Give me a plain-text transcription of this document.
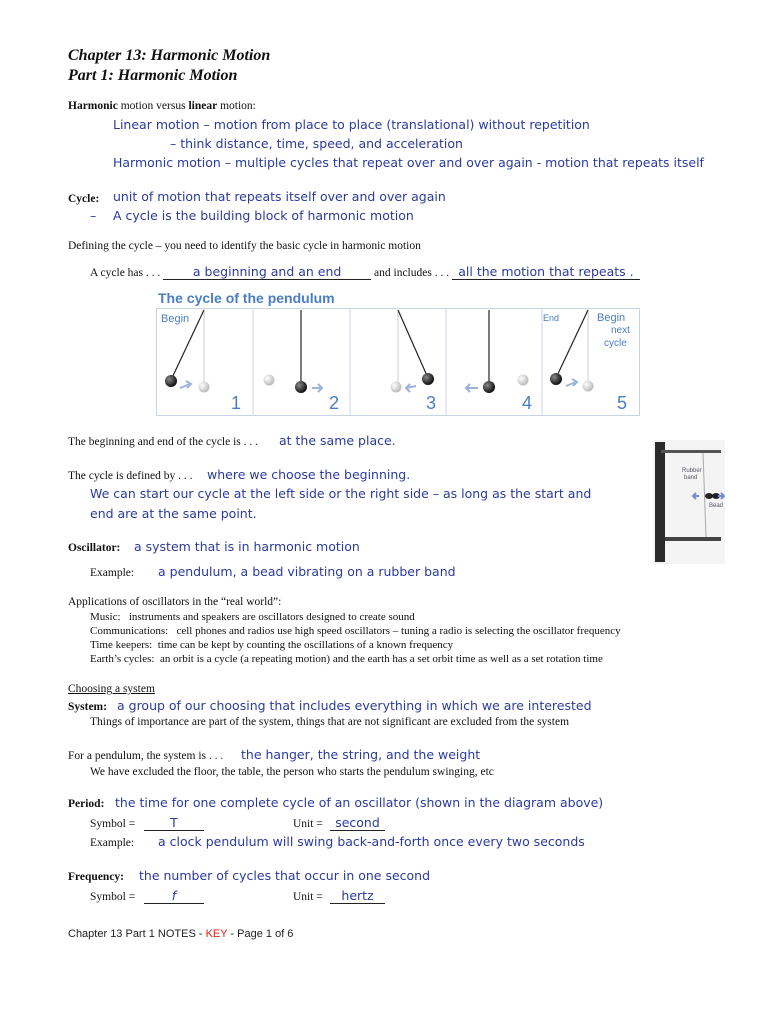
Chapter 13: Harmonic Motion
Part 1: Harmonic Motion
Harmonic motion versus linear motion:
Linear motion – motion from place to place (translational) without repetition
– think distance, time, speed, and acceleration
Harmonic motion – multiple cycles that repeat over and over again - motion that repeats itself
Cycle: unit of motion that repeats itself over and over again
– A cycle is the building block of harmonic motion
Defining the cycle – you need to identify the basic cycle in harmonic motion
A cycle has . . .	a beginning and an end	and includes . . . all the motion that repeats .
The cycle of the pendulum
Begin	End	Begin
next
cycle
1	2	3	4	5
The beginning and end of the cycle is . . . at the same place.
The cycle is defined by . . . where we choose the beginning.
We can start our cycle at the left side or the right side – as long as the start and
end are at the same point.
Rubber
band
Bead
Oscillator: a system that is in harmonic motion
Example: a pendulum, a bead vibrating on a rubber band
Applications of oscillators in the “real world”:
Music: instruments and speakers are oscillators designed to create sound
Communications: cell phones and radios use high speed oscillators – tuning a radio is selecting the oscillator frequency
Time keepers: time can be kept by counting the oscillations of a known frequency
Earth’s cycles: an orbit is a cycle (a repeating motion) and the earth has a set orbit time as well as a set rotation time
Choosing a system
System: a group of our choosing that includes everything in which we are interested
Things of importance are part of the system, things that are not significant are excluded from the system
For a pendulum, the system is . . . the hanger, the string, and the weight
We have excluded the floor, the table, the person who starts the pendulum swinging, etc
Period: the time for one complete cycle of an oscillator (shown in the diagram above)
Symbol =	T	Unit = second
Example: a clock pendulum will swing back-and-forth once every two seconds
Frequency: the number of cycles that occur in one second
Symbol =	f	Unit =	hertz
Chapter 13 Part 1 NOTES - KEY - Page 1 of 6
